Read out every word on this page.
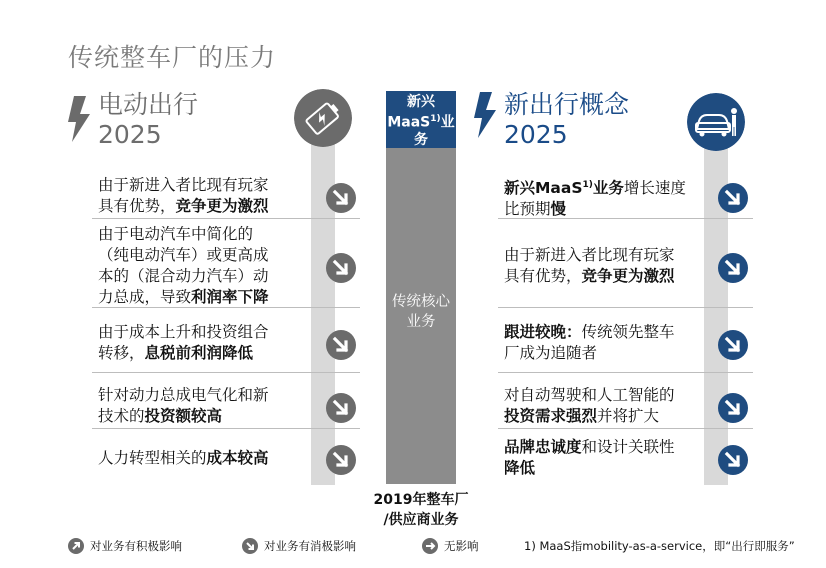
传统整车厂的压力
电动出行
2025
由于新进入者比现有玩家
具有优势，竞争更为激烈
由于电动汽车中简化的
（纯电动汽车）或更高成
本的（混合动力汽车）动
力总成，导致利润率下降
由于成本上升和投资组合
转移，息税前利润降低
针对动力总成电气化和新
技术的投资额较高
人力转型相关的成本较高
新兴
MaaS$^{1)}$业
务
传统核心业务
2019年整车厂
/供应商业务
新出行概念
2025
新兴MaaS$^{1)}$业务增长速度
比预期慢
由于新进入者比现有玩家
具有优势，竞争更为激烈
跟进较晚：传统领先整车
厂成为追随者
对自动驾驶和人工智能的
投资需求强烈并将扩大
品牌忠诚度和设计关联性
降低
对业务有积极影响	对业务有消极影响	无影响	1) MaaS指mobility-as-a-service，即“出行即服务”
